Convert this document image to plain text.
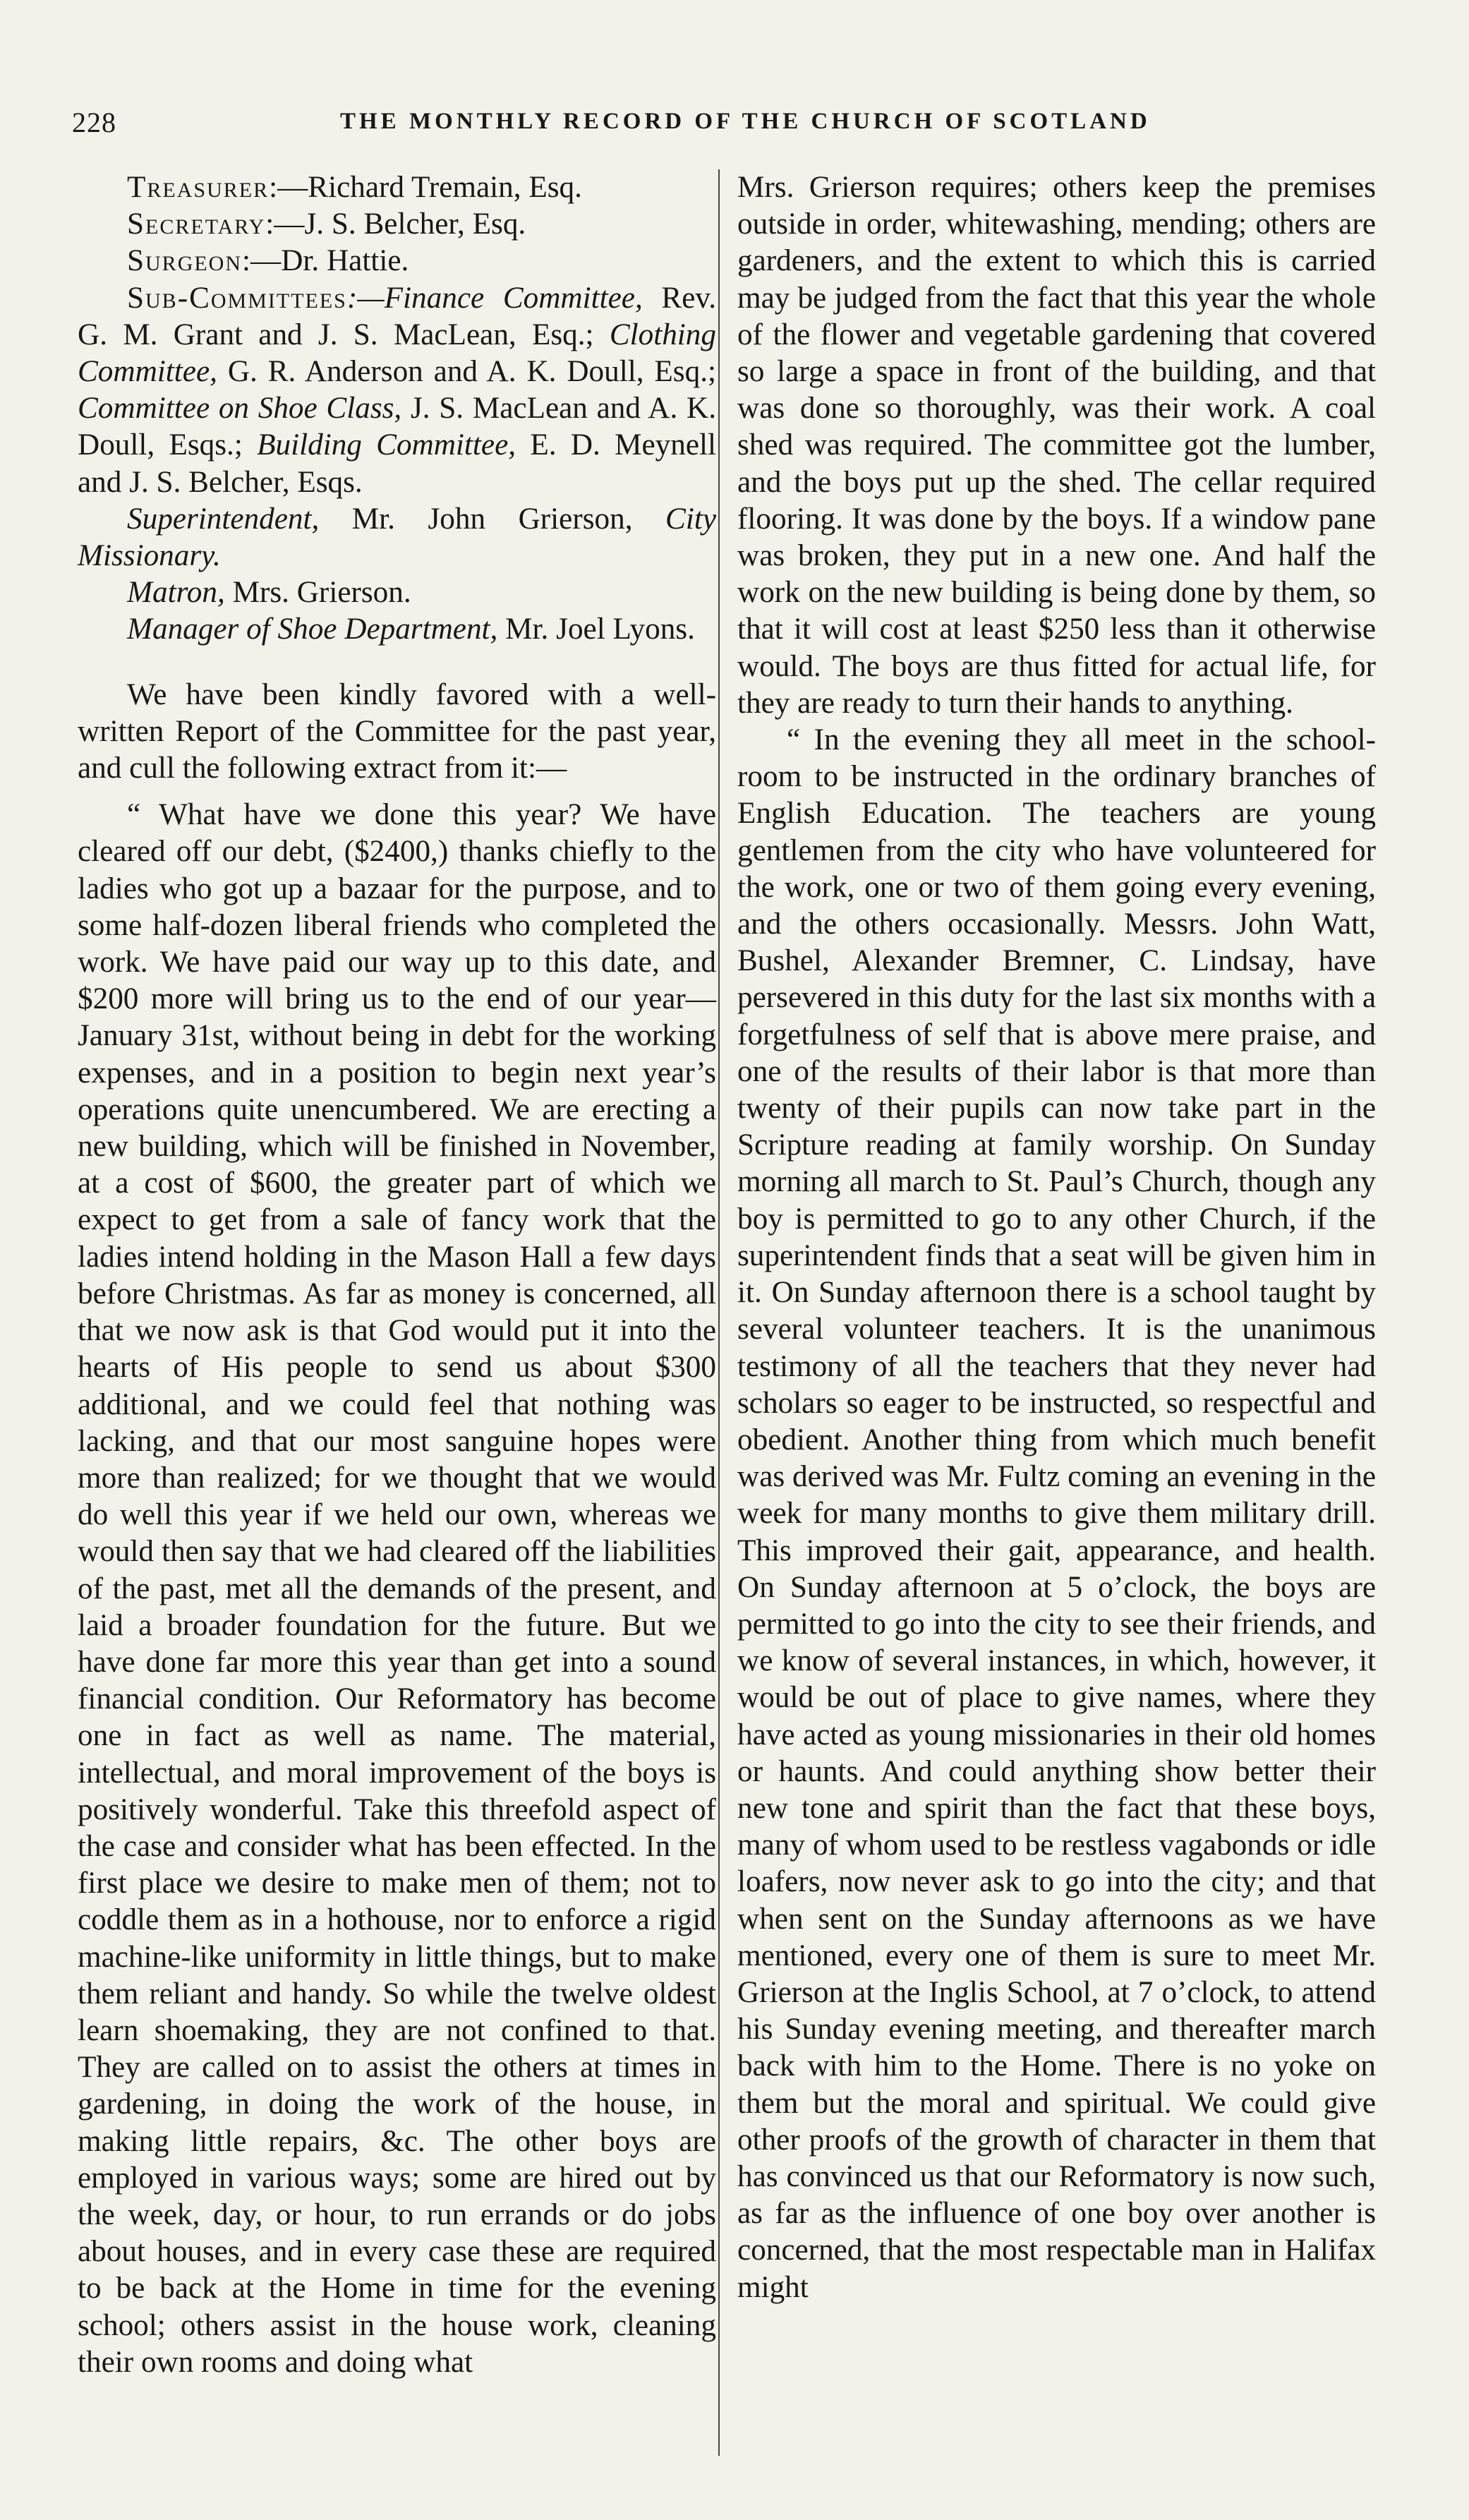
228	THE MONTHLY RECORD OF THE CHURCH OF SCOTLAND

Treasurer:—Richard Tremain, Esq.

Secretary:—J. S. Belcher, Esq.

Surgeon:—Dr. Hattie.

Sub-Committees:—Finance Committee, Rev. G. M. Grant and J. S. MacLean, Esq.; Clothing Committee, G. R. Anderson and A. K. Doull, Esq.; Committee on Shoe Class, J. S. MacLean and A. K. Doull, Esqs.; Building Committee, E. D. Meynell and J. S. Belcher, Esqs.

Superintendent, Mr. John Grierson, City Missionary.

Matron, Mrs. Grierson.

Manager of Shoe Department, Mr. Joel Lyons.

We have been kindly favored with a well-written Report of the Committee for the past year, and cull the following extract from it:—

“ What have we done this year? We have cleared off our debt, ($2400,) thanks chiefly to the ladies who got up a bazaar for the purpose, and to some half-dozen liberal friends who completed the work. We have paid our way up to this date, and $200 more will bring us to the end of our year—January 31st, without being in debt for the working expenses, and in a position to begin next year’s operations quite unencumbered. We are erecting a new building, which will be finished in November, at a cost of $600, the greater part of which we expect to get from a sale of fancy work that the ladies intend holding in the Mason Hall a few days before Christmas. As far as money is concerned, all that we now ask is that God would put it into the hearts of His people to send us about $300 additional, and we could feel that nothing was lacking, and that our most sanguine hopes were more than realized; for we thought that we would do well this year if we held our own, whereas we would then say that we had cleared off the liabilities of the past, met all the demands of the present, and laid a broader foundation for the future. But we have done far more this year than get into a sound financial condition. Our Reformatory has become one in fact as well as name. The material, intellectual, and moral improvement of the boys is positively wonderful. Take this threefold aspect of the case and consider what has been effected. In the first place we desire to make men of them; not to coddle them as in a hothouse, nor to enforce a rigid machine-like uniformity in little things, but to make them reliant and handy. So while the twelve oldest learn shoemaking, they are not confined to that. They are called on to assist the others at times in gardening, in doing the work of the house, in making little repairs, &c. The other boys are employed in various ways; some are hired out by the week, day, or hour, to run errands or do jobs about houses, and in every case these are required to be back at the Home in time for the evening school; others assist in the house work, cleaning their own rooms and doing what

Mrs. Grierson requires; others keep the premises outside in order, whitewashing, mending; others are gardeners, and the extent to which this is carried may be judged from the fact that this year the whole of the flower and vegetable gardening that covered so large a space in front of the building, and that was done so thoroughly, was their work. A coal shed was required. The committee got the lumber, and the boys put up the shed. The cellar required flooring. It was done by the boys. If a window pane was broken, they put in a new one. And half the work on the new building is being done by them, so that it will cost at least $250 less than it otherwise would. The boys are thus fitted for actual life, for they are ready to turn their hands to anything.

“ In the evening they all meet in the school-room to be instructed in the ordinary branches of English Education. The teachers are young gentlemen from the city who have volunteered for the work, one or two of them going every evening, and the others occasionally. Messrs. John Watt, Bushel, Alexander Bremner, C. Lindsay, have persevered in this duty for the last six months with a forgetfulness of self that is above mere praise, and one of the results of their labor is that more than twenty of their pupils can now take part in the Scripture reading at family worship. On Sunday morning all march to St. Paul’s Church, though any boy is permitted to go to any other Church, if the superintendent finds that a seat will be given him in it. On Sunday afternoon there is a school taught by several volunteer teachers. It is the unanimous testimony of all the teachers that they never had scholars so eager to be instructed, so respectful and obedient. Another thing from which much benefit was derived was Mr. Fultz coming an evening in the week for many months to give them military drill. This improved their gait, appearance, and health. On Sunday afternoon at 5 o’clock, the boys are permitted to go into the city to see their friends, and we know of several instances, in which, however, it would be out of place to give names, where they have acted as young missionaries in their old homes or haunts. And could anything show better their new tone and spirit than the fact that these boys, many of whom used to be restless vagabonds or idle loafers, now never ask to go into the city; and that when sent on the Sunday afternoons as we have mentioned, every one of them is sure to meet Mr. Grierson at the Inglis School, at 7 o’clock, to attend his Sunday evening meeting, and thereafter march back with him to the Home. There is no yoke on them but the moral and spiritual. We could give other proofs of the growth of character in them that has convinced us that our Reformatory is now such, as far as the influence of one boy over another is concerned, that the most respectable man in Halifax might
